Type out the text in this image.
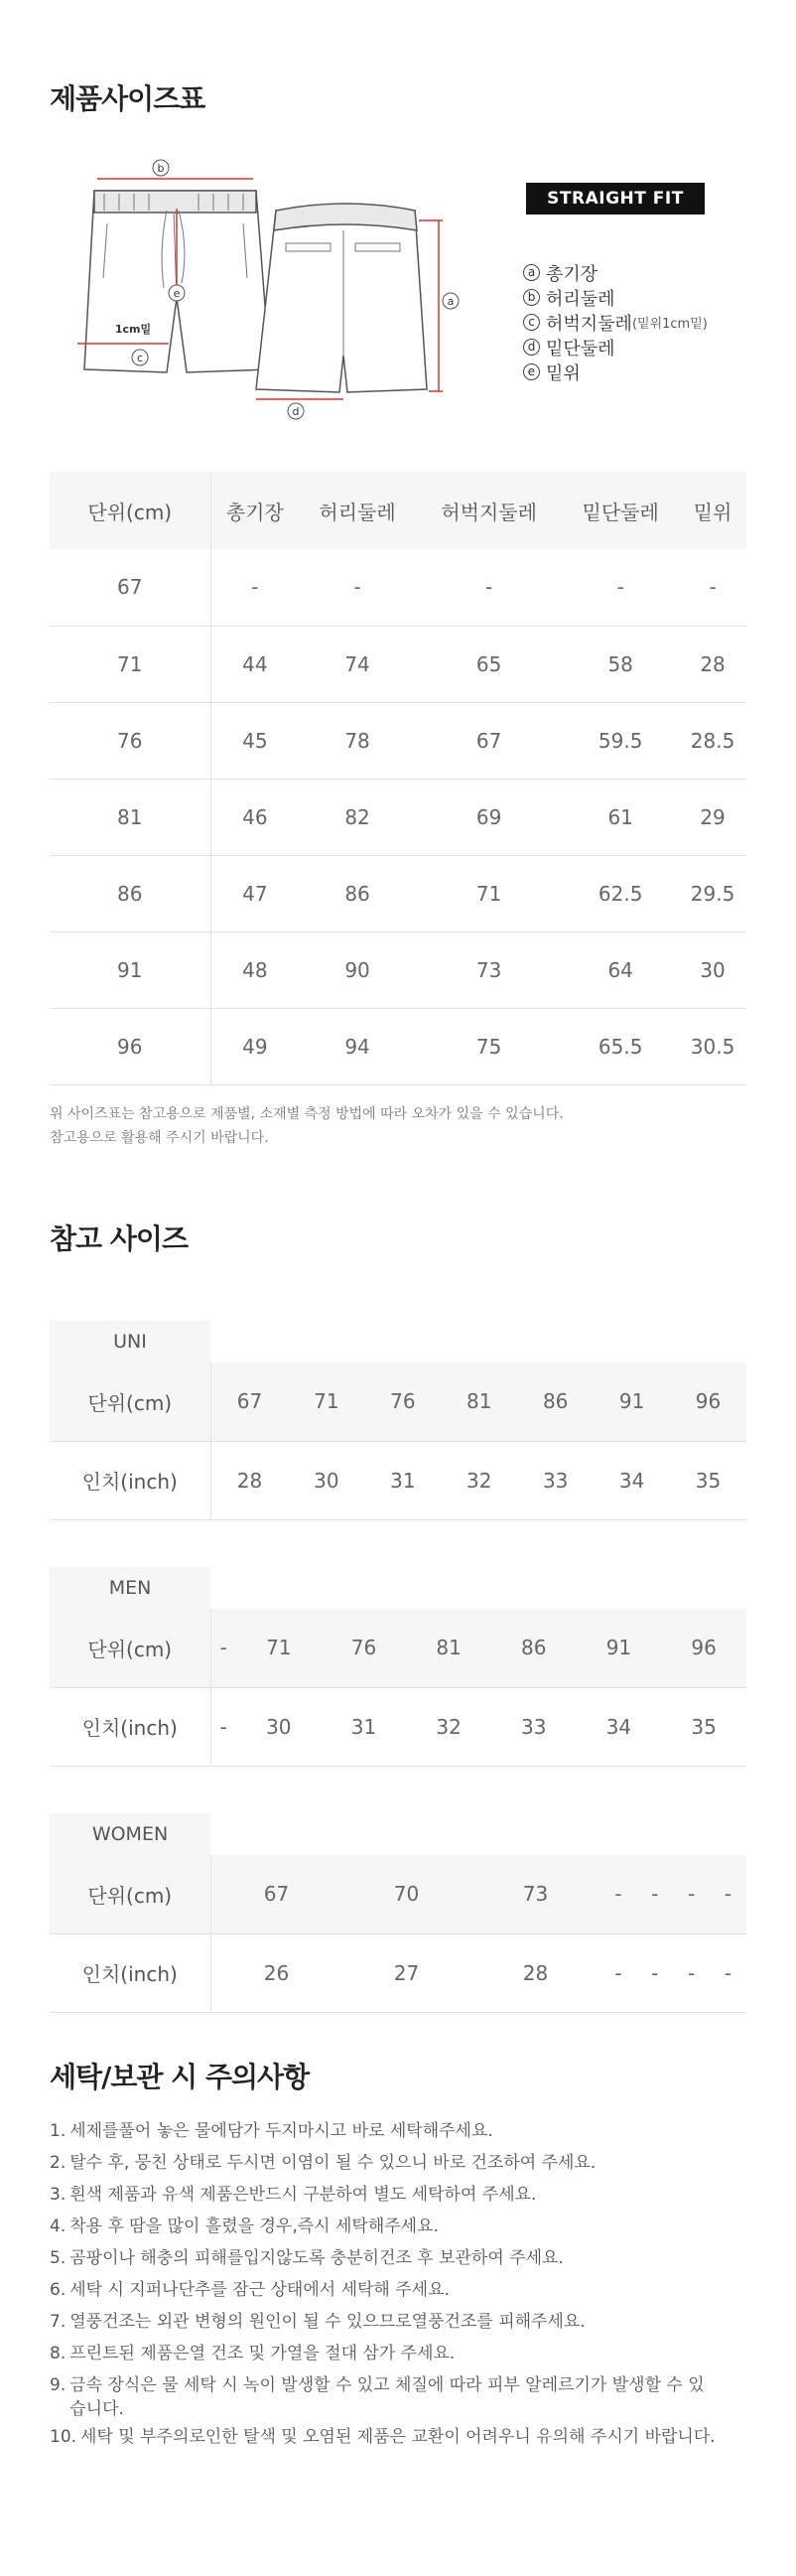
제품사이즈표
b
e
c
d
a
1cm밑
STRAIGHT FIT
a 총기장
b 허리둘레
c 허벅지둘레 (밑위1cm밑)
d 밑단둘레
e 밑위
단위(cm)	총기장	허리둘레	허벅지둘레	밑단둘레	밑위
67	-	-	-	-	-
71	44	74	65	58	28
76	45	78	67	59.5	28.5
81	46	82	69	61	29
86	47	86	71	62.5	29.5
91	48	90	73	64	30
96	49	94	75	65.5	30.5
위 사이즈표는 참고용으로 제품별, 소재별 측정 방법에 따라 오차가 있을 수 있습니다.
참고용으로 활용해 주시기 바랍니다.
참고 사이즈
UNI
단위(cm)	67	71	76	81	86	91	96
인치(inch)	28	30	31	32	33	34	35
MEN
단위(cm)	-	71	76	81	86	91	96
인치(inch)	-	30	31	32	33	34	35
WOMEN
단위(cm)	67	70	73	-	-	-	-
인치(inch)	26	27	28	-	-	-	-
세탁/보관 시 주의사항
1. 세제를풀어 놓은 물에담가 두지마시고 바로 세탁해주세요.
2. 탈수 후, 뭉친 상태로 두시면 이염이 될 수 있으니 바로 건조하여 주세요.
3. 흰색 제품과 유색 제품은반드시 구분하여 별도 세탁하여 주세요.
4. 착용 후 땀을 많이 흘렸을 경우,즉시 세탁해주세요.
5. 곰팡이나 해충의 피해를입지않도록 충분히건조 후 보관하여 주세요.
6. 세탁 시 지퍼나단추를 잠근 상태에서 세탁해 주세요.
7. 열풍건조는 외관 변형의 원인이 될 수 있으므로열풍건조를 피해주세요.
8. 프린트된 제품은열 건조 및 가열을 절대 삼가 주세요.
9. 금속 장식은 물 세탁 시 녹이 발생할 수 있고 체질에 따라 피부 알레르기가 발생할 수 있습니다.
10. 세탁 및 부주의로인한 탈색 및 오염된 제품은 교환이 어려우니 유의해 주시기 바랍니다.
